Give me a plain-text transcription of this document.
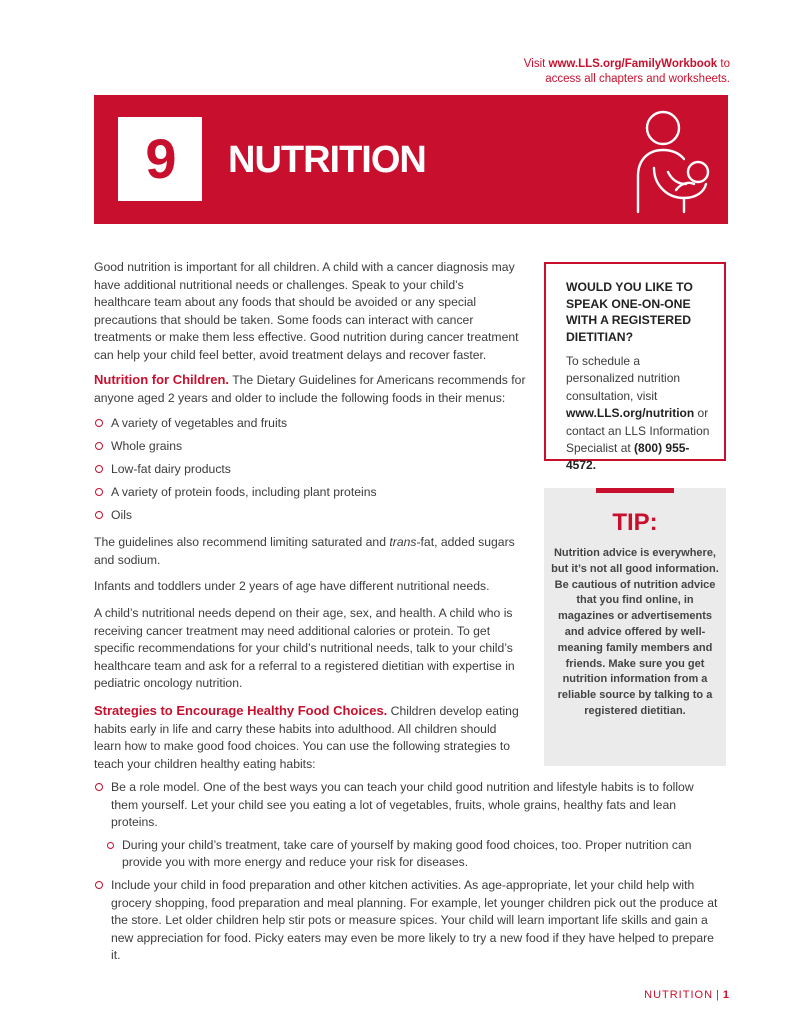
Visit www.LLS.org/FamilyWorkbook to
access all chapters and worksheets.
9	NUTRITION

Good nutrition is important for all children. A child with a cancer diagnosis may have additional nutritional needs or challenges. Speak to your child’s healthcare team about any foods that should be avoided or any special precautions that should be taken. Some foods can interact with cancer treatments or make them less effective. Good nutrition during cancer treatment can help your child feel better, avoid treatment delays and recover faster.

Nutrition for Children. The Dietary Guidelines for Americans recommends for anyone aged 2 years and older to include the following foods in their menus:

A variety of vegetables and fruits
Whole grains
Low-fat dairy products
A variety of protein foods, including plant proteins
Oils

The guidelines also recommend limiting saturated and trans-fat, added sugars and sodium.

Infants and toddlers under 2 years of age have different nutritional needs.

A child’s nutritional needs depend on their age, sex, and health. A child who is receiving cancer treatment may need additional calories or protein. To get specific recommendations for your child’s nutritional needs, talk to your child’s healthcare team and ask for a referral to a registered dietitian with expertise in pediatric oncology nutrition.

Strategies to Encourage Healthy Food Choices. Children develop eating habits early in life and carry these habits into adulthood. All children should learn how to make good food choices. You can use the following strategies to teach your children healthy eating habits:

Be a role model. One of the best ways you can teach your child good nutrition and lifestyle habits is to follow them yourself. Let your child see you eating a lot of vegetables, fruits, whole grains, healthy fats and lean proteins.
During your child’s treatment, take care of yourself by making good food choices, too. Proper nutrition can provide you with more energy and reduce your risk for diseases.
Include your child in food preparation and other kitchen activities. As age-appropriate, let your child help with grocery shopping, food preparation and meal planning. For example, let younger children pick out the produce at the store. Let older children help stir pots or measure spices. Your child will learn important life skills and gain a new appreciation for food. Picky eaters may even be more likely to try a new food if they have helped to prepare it.
WOULD YOU LIKE TO SPEAK ONE-ON-ONE WITH A REGISTERED DIETITIAN?

To schedule a personalized nutrition consultation, visit www.LLS.org/nutrition or contact an LLS Information Specialist at (800) 955-4572.

TIP:
Nutrition advice is everywhere, but it’s not all good information. Be cautious of nutrition advice that you find online, in magazines or advertisements and advice offered by well-meaning family members and friends. Make sure you get nutrition information from a reliable source by talking to a registered dietitian.
NUTRITION | 1
